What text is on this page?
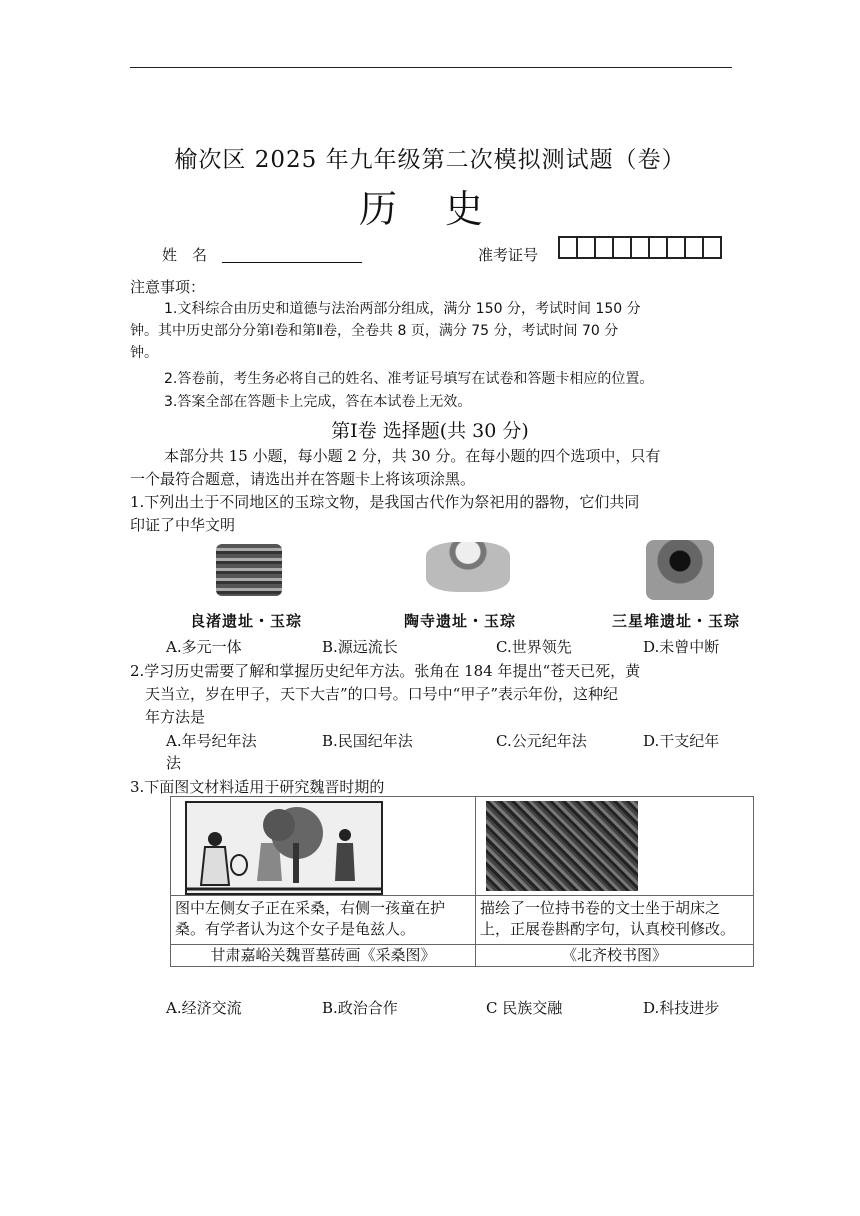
榆次区 2025 年九年级第二次模拟测试题（卷）
历 史
姓　名	准考证号
注意事项：
1.文科综合由历史和道德与法治两部分组成，满分 150 分，考试时间 150 分
钟。其中历史部分分第Ⅰ卷和第Ⅱ卷，全卷共 8 页，满分 75 分，考试时间 70 分
钟。
2.答卷前，考生务必将自己的姓名、准考证号填写在试卷和答题卡相应的位置。
3.答案全部在答题卡上完成，答在本试卷上无效。
第Ⅰ卷 选择题(共 30 分)
本部分共 15 小题，每小题 2 分，共 30 分。在每小题的四个选项中，只有
一个最符合题意，请选出并在答题卡上将该项涂黑。
1.下列出土于不同地区的玉琮文物，是我国古代作为祭祀用的器物，它们共同
印证了中华文明
良渚遗址・玉琮	陶寺遗址・玉琮	三星堆遗址・玉琮
A.多元一体	B.源远流长	C.世界领先	D.未曾中断
2.学习历史需要了解和掌握历史纪年方法。张角在 184 年提出“苍天已死，黄
天当立，岁在甲子，天下大吉”的口号。口号中“甲子”表示年份，这种纪
年方法是
A.年号纪年法	B.民国纪年法	C.公元纪年法	D.干支纪年
法
3.下面图文材料适用于研究魏晋时期的

图中左侧女子正在采桑，右侧一孩童在护桑。有学者认为这个女子是龟兹人。	描绘了一位持书卷的文士坐于胡床之上，正展卷斟酌字句，认真校刊修改。
甘肃嘉峪关魏晋墓砖画《采桑图》	《北齐校书图》
A.经济交流	B.政治合作	C 民族交融	D.科技进步
